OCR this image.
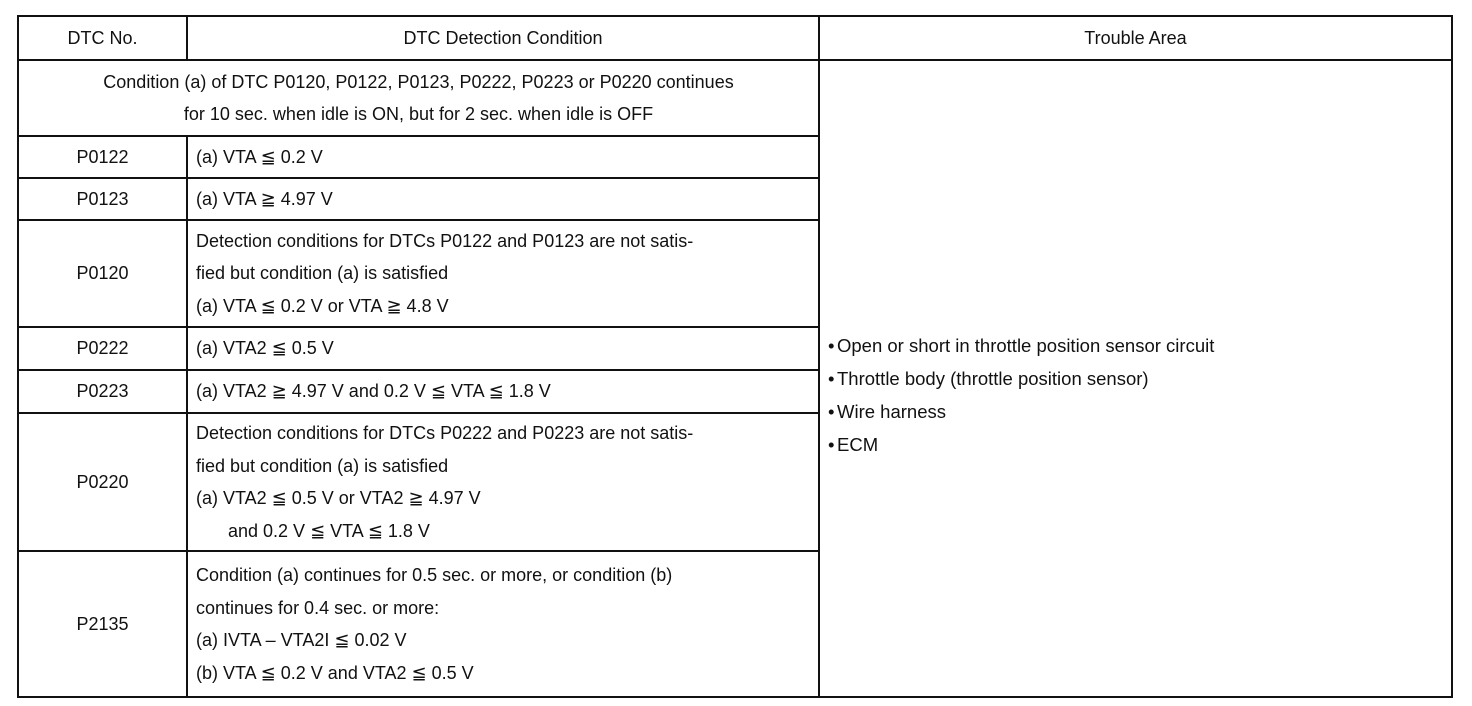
DTC No.	DTC Detection Condition	Trouble Area

Condition (a) of DTC P0120, P0122, P0123, P0222, P0223 or P0220 continues
for 10 sec. when idle is ON, but for 2 sec. when idle is OFF		• Open or short in throttle position sensor circuit
• Throttle body (throttle position sensor)
• Wire harness
• ECM

P0122	(a) VTA ≦ 0.2 V	

P0123	(a) VTA ≧ 4.97 V	

P0120	Detection conditions for DTCs P0122 and P0123 are not satis-
fied but condition (a) is satisfied
(a) VTA ≦ 0.2 V or VTA ≧ 4.8 V	

P0222	(a) VTA2 ≦ 0.5 V	

P0223	(a) VTA2 ≧ 4.97 V and 0.2 V ≦ VTA ≦ 1.8 V	

P0220	Detection conditions for DTCs P0222 and P0223 are not satis-
fied but condition (a) is satisfied
(a) VTA2 ≦ 0.5 V or VTA2 ≧ 4.97 V
and 0.2 V ≦ VTA ≦ 1.8 V	

P2135	Condition (a) continues for 0.5 sec. or more, or condition (b)
continues for 0.4 sec. or more:
(a) IVTA – VTA2I ≦ 0.02 V
(b) VTA ≦ 0.2 V and VTA2 ≦ 0.5 V	
